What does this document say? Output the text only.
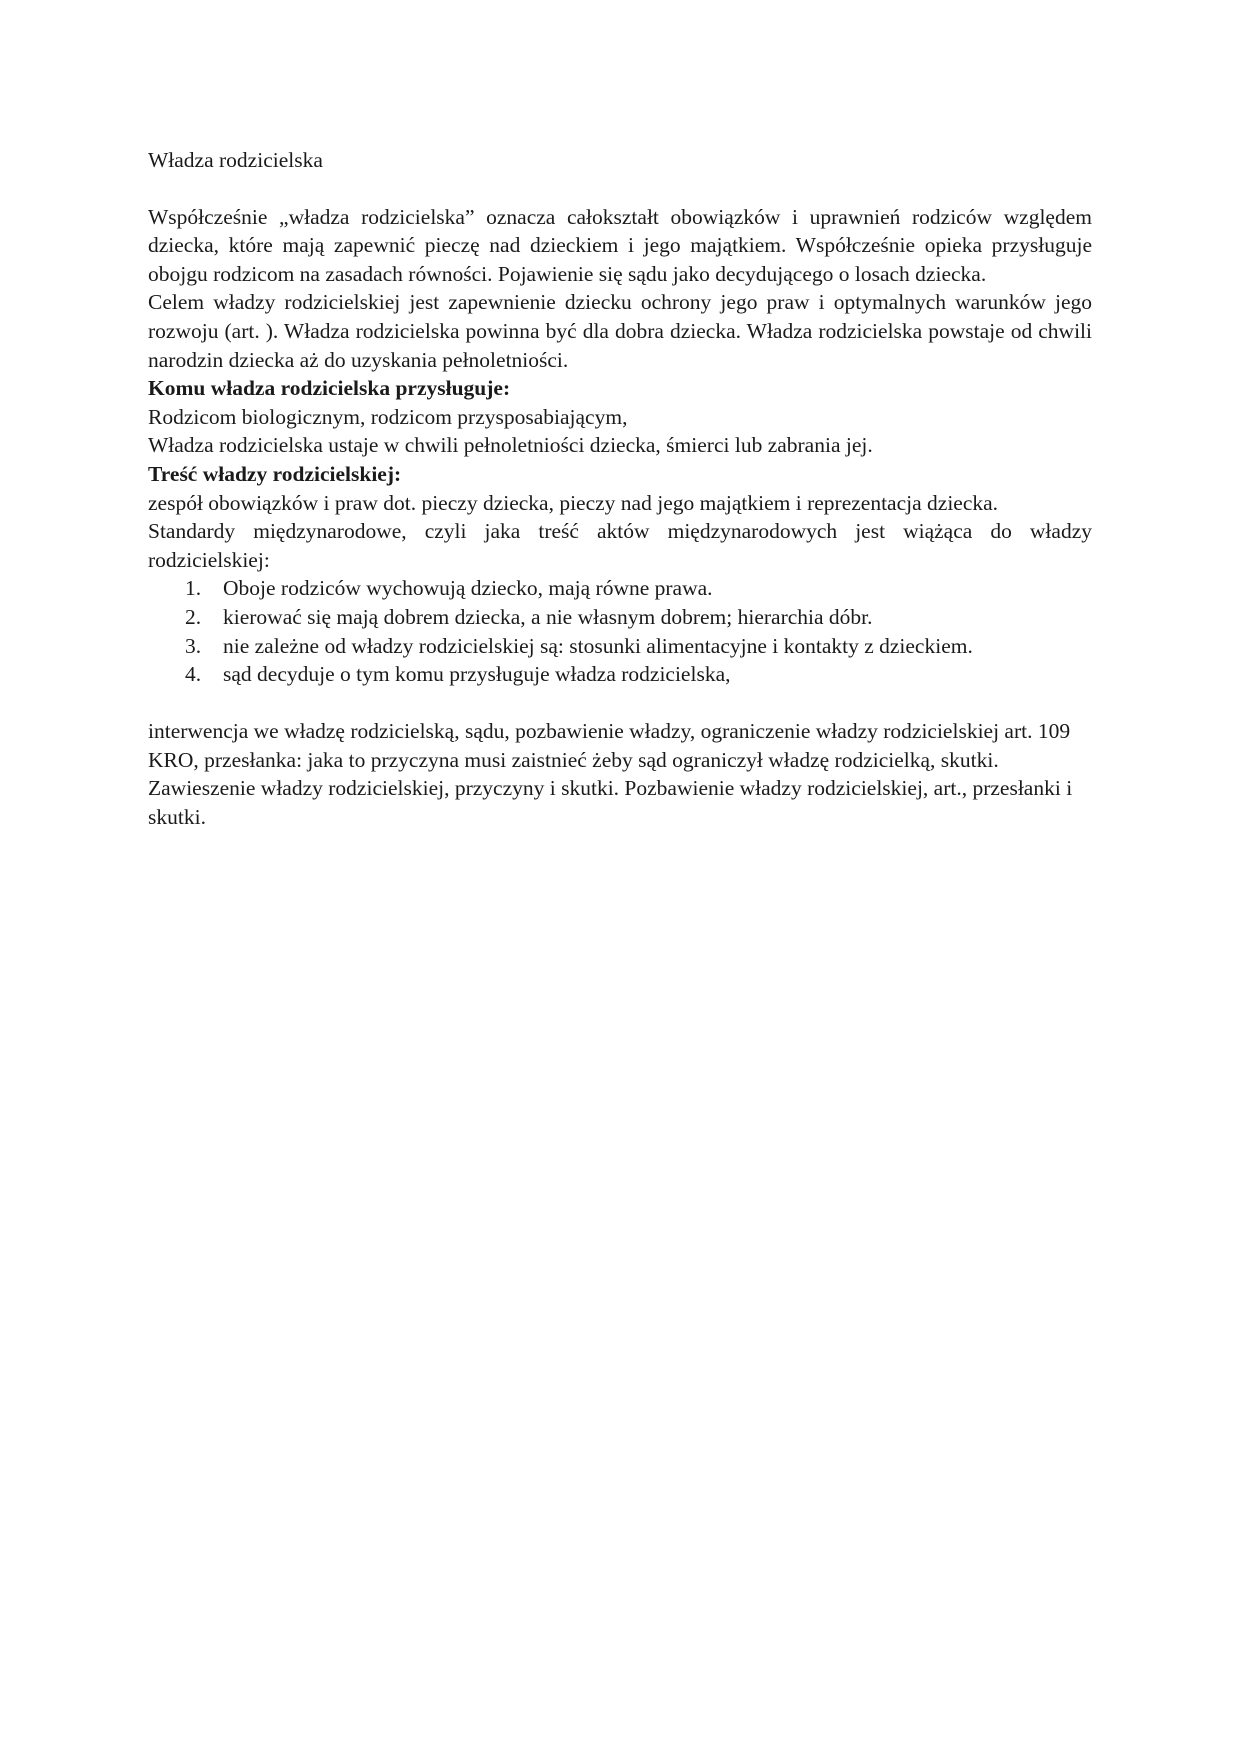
Władza rodzicielska

Współcześnie „władza rodzicielska” oznacza całokształt obowiązków i uprawnień rodziców względem dziecka, które mają zapewnić pieczę nad dzieckiem i jego majątkiem. Współcześnie opieka przysługuje obojgu rodzicom na zasadach równości. Pojawienie się sądu jako decydującego o losach dziecka.

Celem władzy rodzicielskiej jest zapewnienie dziecku ochrony jego praw i optymalnych warunków jego rozwoju (art. ). Władza rodzicielska powinna być dla dobra dziecka. Władza rodzicielska powstaje od chwili narodzin dziecka aż do uzyskania pełnoletniości.

Komu władza rodzicielska przysługuje:

Rodzicom biologicznym, rodzicom przysposabiającym,

Władza rodzicielska ustaje w chwili pełnoletniości dziecka, śmierci lub zabrania jej.

Treść władzy rodzicielskiej:

zespół obowiązków i praw dot. pieczy dziecka, pieczy nad jego majątkiem i reprezentacja dziecka.

Standardy międzynarodowe, czyli jaka treść aktów międzynarodowych jest wiążąca do władzy rodzicielskiej:

1. Oboje rodziców wychowują dziecko, mają równe prawa.
2. kierować się mają dobrem dziecka, a nie własnym dobrem; hierarchia dóbr.
3. nie zależne od władzy rodzicielskiej są: stosunki alimentacyjne i kontakty z dzieckiem.
4. sąd decyduje o tym komu przysługuje władza rodzicielska,

interwencja we władzę rodzicielską, sądu, pozbawienie władzy, ograniczenie władzy rodzicielskiej art. 109 KRO, przesłanka: jaka to przyczyna musi zaistnieć żeby sąd ograniczył władzę rodzicielką, skutki. Zawieszenie władzy rodzicielskiej, przyczyny i skutki. Pozbawienie władzy rodzicielskiej, art., przesłanki i skutki.
